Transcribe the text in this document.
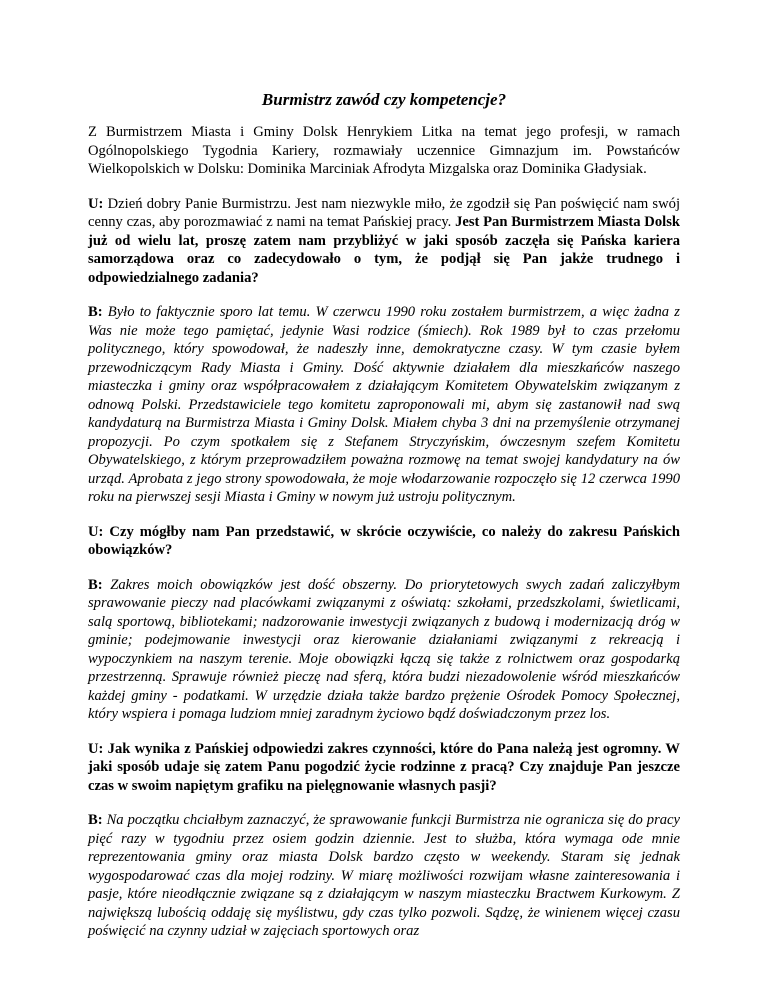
Burmistrz zawód czy kompetencje?

Z Burmistrzem Miasta i Gminy Dolsk Henrykiem Litka na temat jego profesji, w ramach Ogólnopolskiego Tygodnia Kariery, rozmawiały uczennice Gimnazjum im. Powstańców Wielkopolskich w Dolsku: Dominika Marciniak Afrodyta Mizgalska oraz Dominika Gładysiak.

U: Dzień dobry Panie Burmistrzu. Jest nam niezwykle miło, że zgodził się Pan poświęcić nam swój cenny czas, aby porozmawiać z nami na temat Pańskiej pracy. Jest Pan Burmistrzem Miasta Dolsk już od wielu lat, proszę zatem nam przybliżyć w jaki sposób zaczęła się Pańska kariera samorządowa oraz co zadecydowało o tym, że podjął się Pan jakże trudnego i odpowiedzialnego zadania?

B: Było to faktycznie sporo lat temu. W czerwcu 1990 roku zostałem burmistrzem, a więc żadna z Was nie może tego pamiętać, jedynie Wasi rodzice (śmiech). Rok 1989 był to czas przełomu politycznego, który spowodował, że nadeszły inne, demokratyczne czasy. W tym czasie byłem przewodniczącym Rady Miasta i Gminy. Dość aktywnie działałem dla mieszkańców naszego miasteczka i gminy oraz współpracowałem z działającym Komitetem Obywatelskim związanym z odnową Polski. Przedstawiciele tego komitetu zaproponowali mi, abym się zastanowił nad swą kandydaturą na Burmistrza Miasta i Gminy Dolsk. Miałem chyba 3 dni na przemyślenie otrzymanej propozycji. Po czym spotkałem się z Stefanem Stryczyńskim, ówczesnym szefem Komitetu Obywatelskiego, z którym przeprowadziłem poważna rozmowę na temat swojej kandydatury na ów urząd. Aprobata z jego strony spowodowała, że moje włodarzowanie rozpoczęło się 12 czerwca 1990 roku na pierwszej sesji Miasta i Gminy w nowym już ustroju politycznym.

U: Czy mógłby nam Pan przedstawić, w skrócie oczywiście, co należy do zakresu Pańskich obowiązków?

B: Zakres moich obowiązków jest dość obszerny. Do priorytetowych swych zadań zaliczyłbym sprawowanie pieczy nad placówkami związanymi z oświatą: szkołami, przedszkolami, świetlicami, salą sportową, bibliotekami; nadzorowanie inwestycji związanych z budową i modernizacją dróg w gminie; podejmowanie inwestycji oraz kierowanie działaniami związanymi z rekreacją i wypoczynkiem na naszym terenie. Moje obowiązki łączą się także z rolnictwem oraz gospodarką przestrzenną. Sprawuje również pieczę nad sferą, która budzi niezadowolenie wśród mieszkańców każdej gminy - podatkami. W urzędzie działa także bardzo prężenie Ośrodek Pomocy Społecznej, który wspiera i pomaga ludziom mniej zaradnym życiowo bądź doświadczonym przez los.

U: Jak wynika z Pańskiej odpowiedzi zakres czynności, które do Pana należą jest ogromny. W jaki sposób udaje się zatem Panu pogodzić życie rodzinne z pracą? Czy znajduje Pan jeszcze czas w swoim napiętym grafiku na pielęgnowanie własnych pasji?

B: Na początku chciałbym zaznaczyć, że sprawowanie funkcji Burmistrza nie ogranicza się do pracy pięć razy w tygodniu przez osiem godzin dziennie. Jest to służba, która wymaga ode mnie reprezentowania gminy oraz miasta Dolsk bardzo często w weekendy. Staram się jednak wygospodarować czas dla mojej rodziny. W miarę możliwości rozwijam własne zainteresowania i pasje, które nieodłącznie związane są z działającym w naszym miasteczku Bractwem Kurkowym. Z największą lubością oddaję się myślistwu, gdy czas tylko pozwoli. Sądzę, że winienem więcej czasu poświęcić na czynny udział w zajęciach sportowych oraz
